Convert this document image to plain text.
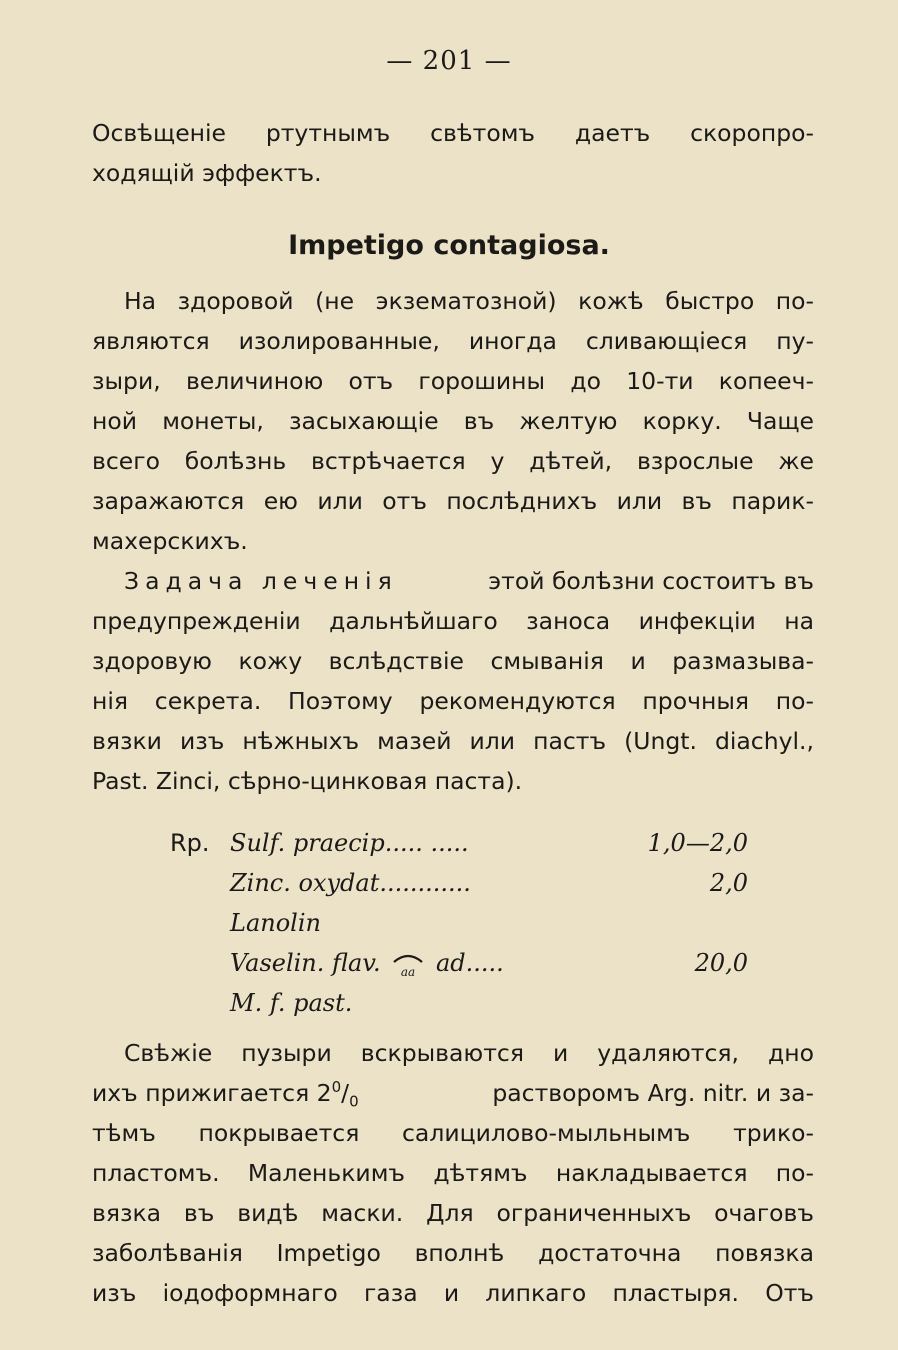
— 201 —
Освѣщеніе ртутнымъ свѣтомъ даетъ скоропро-
ходящій эффектъ.
Impetigo contagiosa.
На здоровой (не экзематозной) кожѣ быстро по-
являются изолированные, иногда сливающіеся пу-
зыри, величиною отъ горошины до 10-ти копееч-
ной монеты, засыхающіе въ желтую корку. Чаще
всего болѣзнь встрѣчается у дѣтей, взрослые же
заражаются ею или отъ послѣднихъ или въ парик-
махерскихъ.
Задача леченія	этой болѣзни состоитъ въ
предупрежденіи дальнѣйшаго заноса инфекціи на
здоровую кожу вслѣдствіе смыванія и размазыва-
нія секрета. Поэтому рекомендуются прочныя по-
вязки изъ нѣжныхъ мазей или пастъ (Ungt. diachyl.,
Past. Zinci, сѣрно-цинковая паста).
Rp. Sulf. praecip..... .....	1,0—2,0
Zinc. oxydat............	2,0
Lanolin
Vaselin. flav. aa ad.....	20,0
M. f. past.
Свѣжіе пузыри вскрываются и удаляются, дно
ихъ прижигается $2^0/_0$	растворомъ Arg. nitr. и за-
тѣмъ покрывается салицилово-мыльнымъ трико-
пластомъ. Маленькимъ дѣтямъ накладывается по-
вязка въ видѣ маски. Для ограниченныхъ очаговъ
заболѣванія Impetigo вполнѣ достаточна повязка
изъ іодоформнаго газа и липкаго пластыря. Отъ
